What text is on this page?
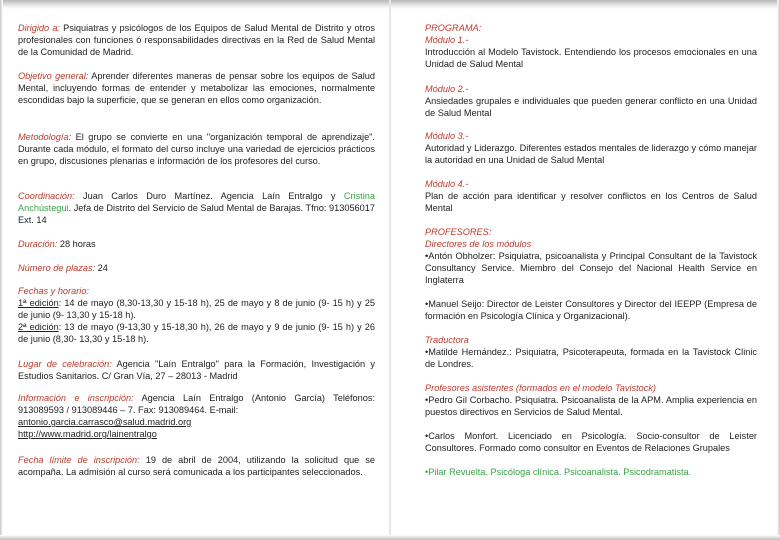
Dirigido a: Psiquiatras y psicólogos de los Equipos de Salud Mental de Distrito y otros profesionales con funciones ó responsabilidades directivas en la Red de Salud Mental de la Comunidad de Madrid.
Objetivo general: Aprender diferentes maneras de pensar sobre los equipos de Salud Mental, incluyendo formas de entender y metabolizar las emociones, normalmente escondidas bajo la superficie, que se generan en ellos como organización.
Metodología: El grupo se convierte en una "organización temporal de aprendizaje". Durante cada módulo, el formato del curso incluye una variedad de ejercicios prácticos en grupo, discusiones plenarias e información de los profesores del curso.
Coordinación: Juan Carlos Duro Martínez. Agencia Laín Entralgo y Cristina Anchústegui. Jefa de Distrito del Servicio de Salud Mental de Barajas. Tfno: 913056017 Ext. 14
Duración: 28 horas
Número de plazas: 24
Fechas y horario:
1ª edición: 14 de mayo (8,30-13,30 y 15-18 h), 25 de mayo y 8 de junio (9- 15 h) y 25 de junio (9- 13,30 y 15-18 h).
2ª edición: 13 de mayo (9-13,30 y 15-18,30 h), 26 de mayo y 9 de junio (9- 15 h) y 26 de junio (8,30- 13,30 y 15-18 h).
Lugar de celebración: Agencia "Laín Entralgo" para la Formación, Investigación y Estudios Sanitarios. C/ Gran Vía, 27 – 28013 - Madrid
Información e inscripción: Agencia Laín Entralgo (Antonio García) Teléfonos: 913089593 / 913089446 – 7. Fax: 913089464. E-mail:
antonio.garcia.carrasco@salud.madrid.org
http://www.madrid.org/lainentralgo
Fecha límite de inscripción: 19 de abril de 2004, utilizando la solicitud que se acompaña. La admisión al curso será comunicada a los participantes seleccionados.
PROGRAMA:
Módulo 1.-
Introducción al Modelo Tavistock. Entendiendo los procesos emocionales en una Unidad de Salud Mental
Módulo 2.-
Ansiedades grupales e individuales que pueden generar conflicto en una Unidad de Salud Mental
Módulo 3.-
Autoridad y Liderazgo. Diferentes estados mentales de liderazgo y cómo manejar la autoridad en una Unidad de Salud Mental
Módulo 4.-
Plan de acción para identificar y resolver conflictos en los Centros de Salud Mental
PROFESORES:
Directores de los módulos
•Antón Obholzer: Psiquiatra, psicoanalista y Principal Consultant de la Tavistock Consultancy Service. Miembro del Consejo del Nacional Health Service en Inglaterra
•Manuel Seijo: Director de Leister Consultores y Director del IEEPP (Empresa de formación en Psicología Clínica y Organizacional).
Traductora
•Matilde Hernández.: Psiquiatra, Psicoterapeuta, formada en la Tavistock Clinic de Londres.
Profesores asistentes (formados en el modelo Tavistock)
•Pedro Gil Corbacho. Psiquiatra. Psicoanalista de la APM. Amplia experiencia en puestos directivos en Servicios de Salud Mental.
•Carlos Monfort. Licenciado en Psicología. Socio-consultor de Leister Consultores. Formado como consultor en Eventos de Relaciones Grupales
•Pilar Revuelta. Psicóloga clínica. Psicoanalista. Psicodramatista.
